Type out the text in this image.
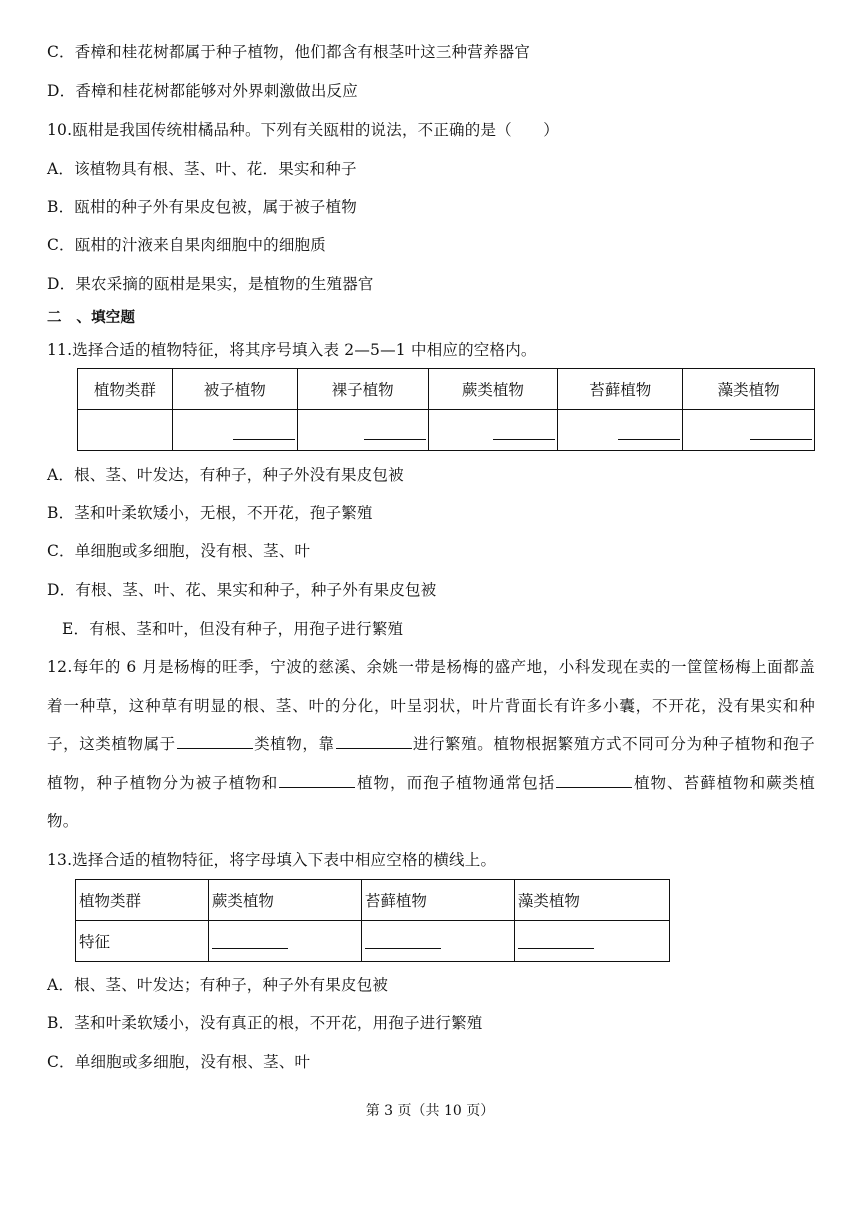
C．香樟和桂花树都属于种子植物，他们都含有根茎叶这三种营养器官
D．香樟和桂花树都能够对外界刺激做出反应
10.瓯柑是我国传统柑橘品种。下列有关瓯柑的说法，不正确的是（　　）
A．该植物具有根、茎、叶、花．果实和种子
B．瓯柑的种子外有果皮包被，属于被子植物
C．瓯柑的汁液来自果肉细胞中的细胞质
D．果农采摘的瓯柑是果实，是植物的生殖器官
二　、填空题
11.选择合适的植物特征，将其序号填入表 2—5—1 中相应的空格内。
植物类群	被子植物	裸子植物	蕨类植物	苔藓植物	藻类植物

A．根、茎、叶发达，有种子，种子外没有果皮包被
B．茎和叶柔软矮小，无根，不开花，孢子繁殖
C．单细胞或多细胞，没有根、茎、叶
D．有根、茎、叶、花、果实和种子，种子外有果皮包被
E．有根、茎和叶，但没有种子，用孢子进行繁殖
12.每年的 6 月是杨梅的旺季，宁波的慈溪、余姚一带是杨梅的盛产地，小科发现在卖的一筐筐杨梅上面都盖着一种草，这种草有明显的根、茎、叶的分化，叶呈羽状，叶片背面长有许多小囊，不开花，没有果实和种子，这类植物属于	类植物，靠	进行繁殖。植物根据繁殖方式不同可分为种子植物和孢子植物，种子植物分为被子植物和	植物，而孢子植物通常包括	植物、苔藓植物和蕨类植物。
13.选择合适的植物特征，将字母填入下表中相应空格的横线上。
植物类群	蕨类植物	苔藓植物	藻类植物
特征	

A．根、茎、叶发达；有种子，种子外有果皮包被
B．茎和叶柔软矮小，没有真正的根，不开花，用孢子进行繁殖
C．单细胞或多细胞，没有根、茎、叶
第 3 页（共 10 页）
